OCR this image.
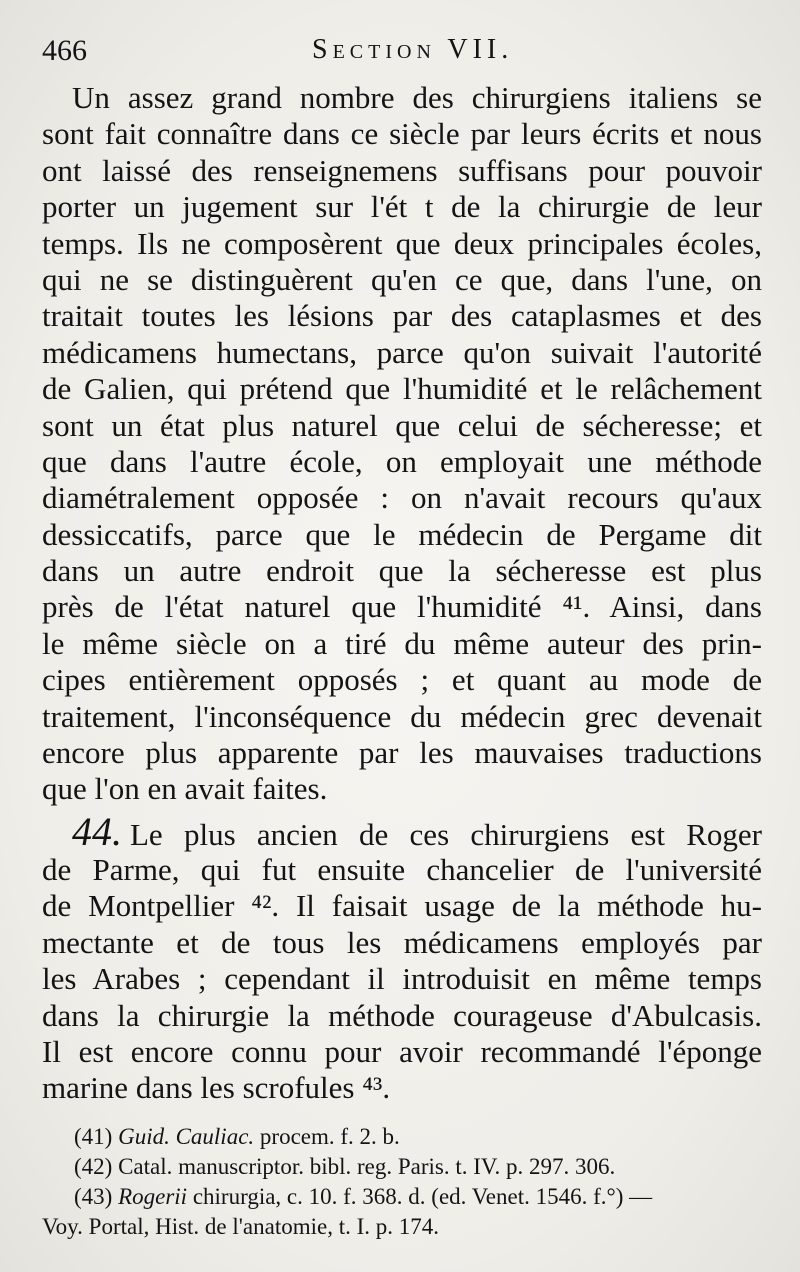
466	Section VII.
Un assez grand nombre des chirurgiens italiens se
sont fait connaître dans ce siècle par leurs écrits et nous
ont laissé des renseignemens suffisans pour pouvoir
porter un jugement sur l'ét t de la chirurgie de leur
temps. Ils ne composèrent que deux principales écoles,
qui ne se distinguèrent qu'en ce que, dans l'une, on
traitait toutes les lésions par des cataplasmes et des
médicamens humectans, parce qu'on suivait l'autorité
de Galien, qui prétend que l'humidité et le relâchement
sont un état plus naturel que celui de sécheresse; et
que dans l'autre école, on employait une méthode
diamétralement opposée : on n'avait recours qu'aux
dessiccatifs, parce que le médecin de Pergame dit
dans un autre endroit que la sécheresse est plus
près de l'état naturel que l'humidité ⁴¹. Ainsi, dans
le même siècle on a tiré du même auteur des prin-
cipes entièrement opposés ; et quant au mode de
traitement, l'inconséquence du médecin grec devenait
encore plus apparente par les mauvaises traductions
que l'on en avait faites.
44. Le plus ancien de ces chirurgiens est Roger
de Parme, qui fut ensuite chancelier de l'université
de Montpellier ⁴². Il faisait usage de la méthode hu-
mectante et de tous les médicamens employés par
les Arabes ; cependant il introduisit en même temps
dans la chirurgie la méthode courageuse d'Abulcasis.
Il est encore connu pour avoir recommandé l'éponge
marine dans les scrofules ⁴³.
(41) Guid. Cauliac. procem. f. 2. b.
(42) Catal. manuscriptor. bibl. reg. Paris. t. IV. p. 297. 306.
(43) Rogerii chirurgia, c. 10. f. 368. d. (ed. Venet. 1546. f.°) —
Voy. Portal, Hist. de l'anatomie, t. I. p. 174.
